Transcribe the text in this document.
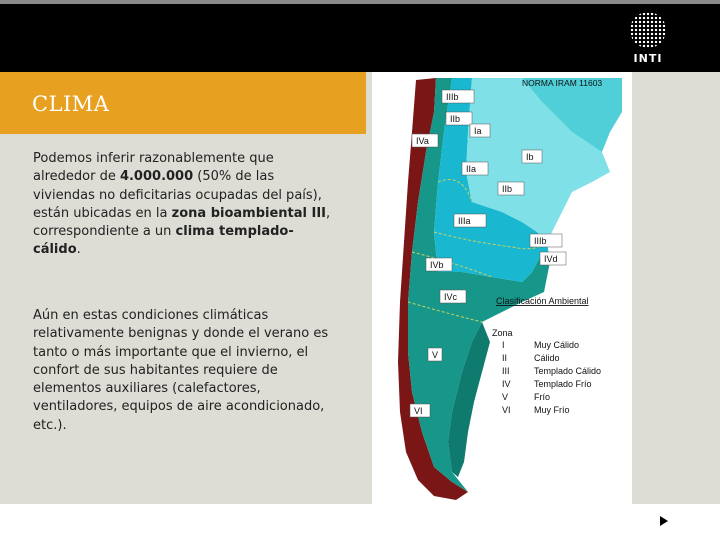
INTI
CLIMA
Podemos inferir razonablemente que alrededor de 4.000.000 (50% de las viviendas no deficitarias ocupadas del país), están ubicadas en la zona bioambiental III, correspondiente a un clima templado-cálido.
Aún en estas condiciones climáticas relativamente benignas y donde el verano es tanto o más importante que el invierno, el confort de sus habitantes requiere de elementos auxiliares (calefactores, ventiladores, equipos de aire acondicionado, etc.).
NORMA IRAM 11603
IIIb
IIb
Ia
IVa
Ib
IIa
IIb
IIIa
IIIb
IVd
IVb
IVc
V
VI
Clasificación Ambiental
Zona
I	Muy Cálido
II	Cálido
III	Templado Cálido
IV	Templado Frío
V	Frío
VI	Muy Frío
